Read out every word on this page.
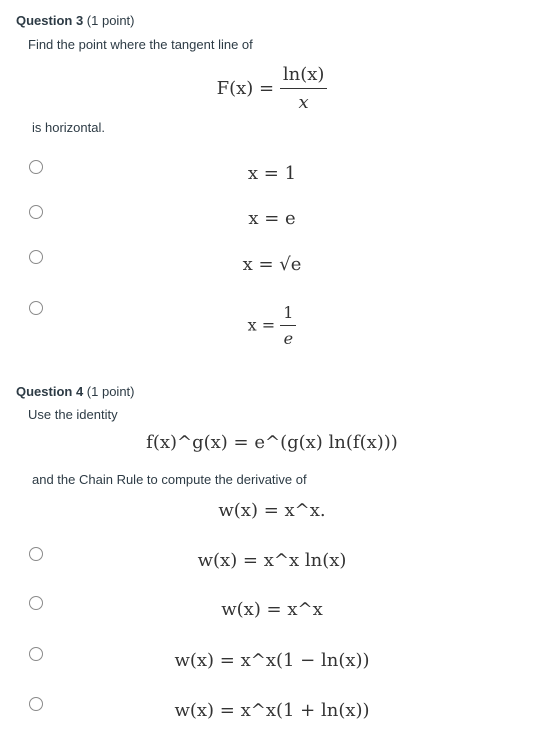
Question 3 (1 point)
Find the point where the tangent line of
$F(x) = \frac{\ln(x)}{x}$
is horizontal.
x = 1
x = e
x = √e
$x = \frac{1}{e}$
Question 4 (1 point)
Use the identity
f(x)^g(x) = e^(g(x) ln(f(x)))
and the Chain Rule to compute the derivative of
w(x) = x^x.
w(x) = x^x ln(x)
w(x) = x^x
w(x) = x^x(1 − ln(x))
w(x) = x^x(1 + ln(x))
